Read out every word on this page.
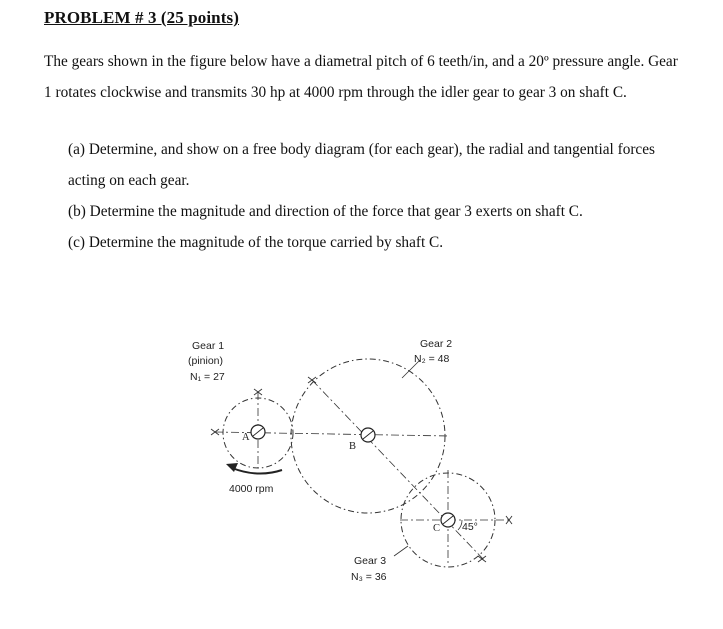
PROBLEM # 3 (25 points)

The gears shown in the figure below have a diametral pitch of 6 teeth/in, and a 20º pressure angle. Gear 1 rotates clockwise and transmits 30 hp at 4000 rpm through the idler gear to gear 3 on shaft C.

(a) Determine, and show on a free body diagram (for each gear), the radial and tangential forces acting on each gear.

(b) Determine the magnitude and direction of the force that gear 3 exerts on shaft C.

(c) Determine the magnitude of the torque carried by shaft C.

Gear 1
(pinion)
N₁ = 27
Gear 2
N₂ = 48
Gear 3
N₃ = 36
A
B
C
4000 rpm
45°
